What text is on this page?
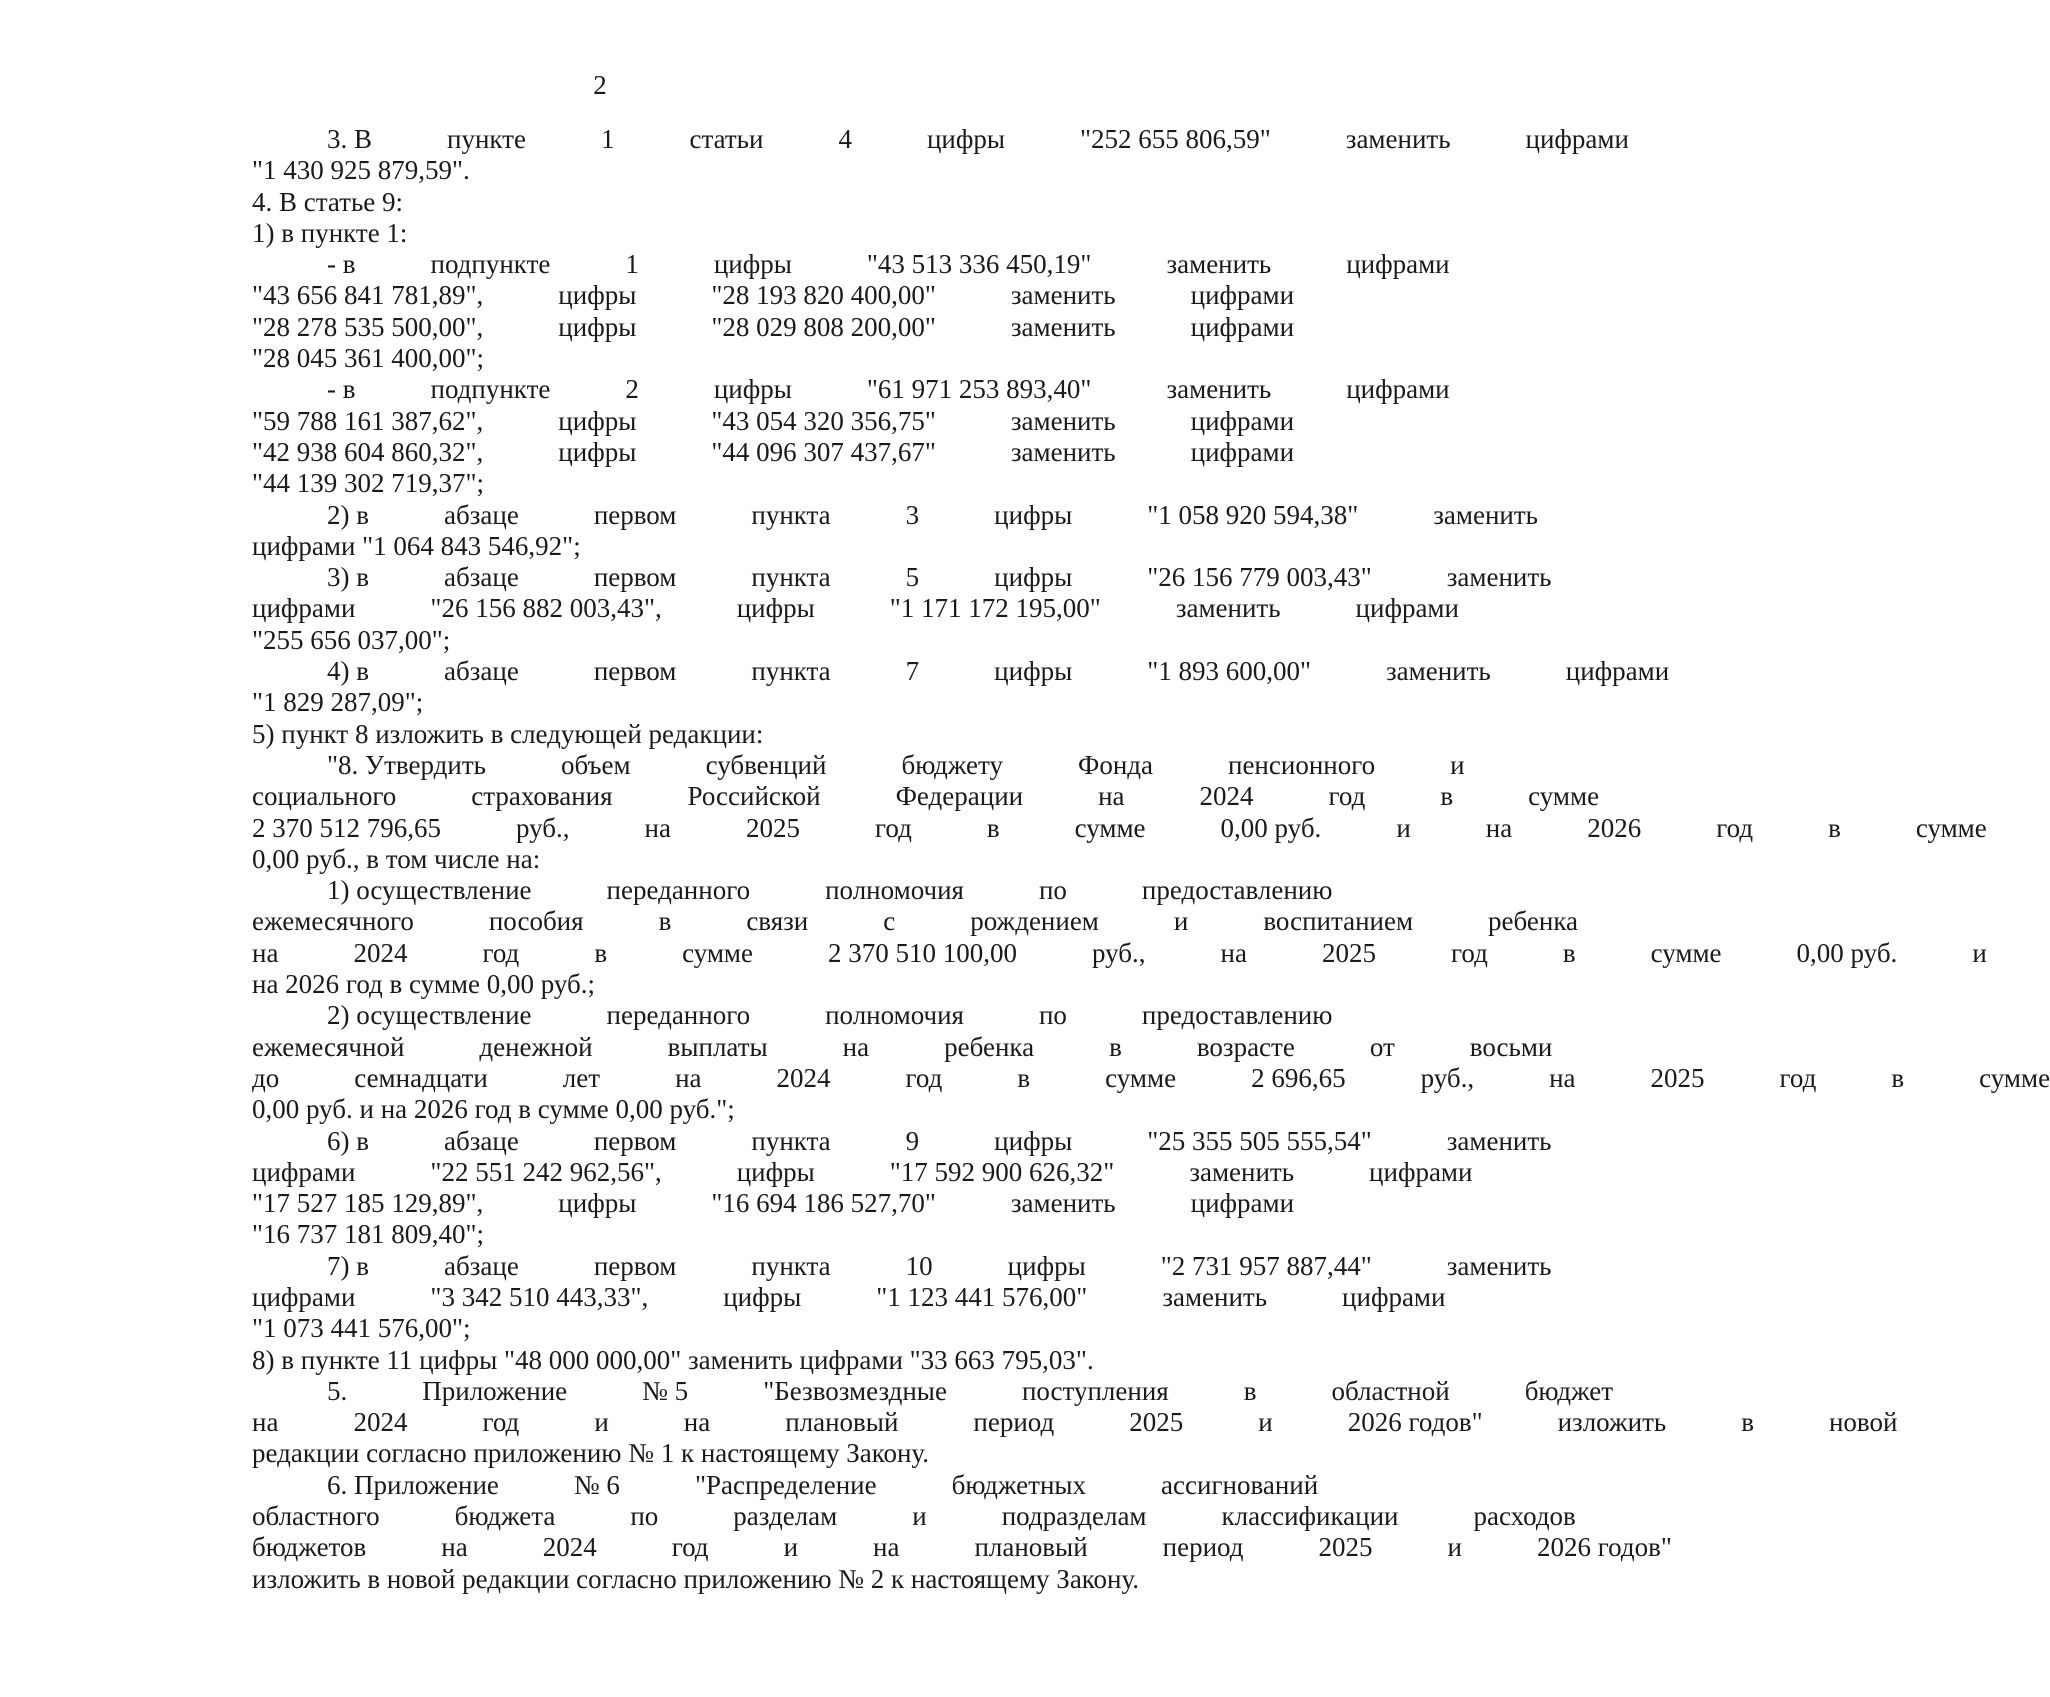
2
3. В	пункте	1	статьи	4	цифры	"252 655 806,59"	заменить	цифрами
"1 430 925 879,59".
4. В статье 9:
1) в пункте 1:
- в	подпункте	1	цифры	"43 513 336 450,19"	заменить	цифрами
"43 656 841 781,89",	цифры	"28 193 820 400,00"	заменить	цифрами
"28 278 535 500,00",	цифры	"28 029 808 200,00"	заменить	цифрами
"28 045 361 400,00";
- в	подпункте	2	цифры	"61 971 253 893,40"	заменить	цифрами
"59 788 161 387,62",	цифры	"43 054 320 356,75"	заменить	цифрами
"42 938 604 860,32",	цифры	"44 096 307 437,67"	заменить	цифрами
"44 139 302 719,37";
2) в	абзаце	первом	пункта	3	цифры	"1 058 920 594,38"	заменить
цифрами "1 064 843 546,92";
3) в	абзаце	первом	пункта	5	цифры	"26 156 779 003,43"	заменить
цифрами	"26 156 882 003,43",	цифры	"1 171 172 195,00"	заменить	цифрами
"255 656 037,00";
4) в	абзаце	первом	пункта	7	цифры	"1 893 600,00"	заменить	цифрами
"1 829 287,09";
5) пункт 8 изложить в следующей редакции:
"8. Утвердить	объем	субвенций	бюджету	Фонда	пенсионного	и
социального	страхования	Российской	Федерации	на	2024	год	в	сумме
2 370 512 796,65	руб.,	на	2025	год	в	сумме	0,00 руб.	и	на	2026	год	в	сумме
0,00 руб., в том числе на:
1) осуществление	переданного	полномочия	по	предоставлению
ежемесячного	пособия	в	связи	с	рождением	и	воспитанием	ребенка
на	2024	год	в	сумме	2 370 510 100,00	руб.,	на	2025	год	в	сумме	0,00 руб.	и
на 2026 год в сумме 0,00 руб.;
2) осуществление	переданного	полномочия	по	предоставлению
ежемесячной	денежной	выплаты	на	ребенка	в	возрасте	от	восьми
до	семнадцати	лет	на	2024	год	в	сумме	2 696,65	руб.,	на	2025	год	в	сумме
0,00 руб. и на 2026 год в сумме 0,00 руб.";
6) в	абзаце	первом	пункта	9	цифры	"25 355 505 555,54"	заменить
цифрами	"22 551 242 962,56",	цифры	"17 592 900 626,32"	заменить	цифрами
"17 527 185 129,89",	цифры	"16 694 186 527,70"	заменить	цифрами
"16 737 181 809,40";
7) в	абзаце	первом	пункта	10	цифры	"2 731 957 887,44"	заменить
цифрами	"3 342 510 443,33",	цифры	"1 123 441 576,00"	заменить	цифрами
"1 073 441 576,00";
8) в пункте 11 цифры "48 000 000,00" заменить цифрами "33 663 795,03".
5.	Приложение	№ 5	"Безвозмездные	поступления	в	областной	бюджет
на	2024	год	и	на	плановый	период	2025	и	2026 годов"	изложить	в	новой
редакции согласно приложению № 1 к настоящему Закону.
6. Приложение	№ 6	"Распределение	бюджетных	ассигнований
областного	бюджета	по	разделам	и	подразделам	классификации	расходов
бюджетов	на	2024	год	и	на	плановый	период	2025	и	2026 годов"
изложить в новой редакции согласно приложению № 2 к настоящему Закону.
